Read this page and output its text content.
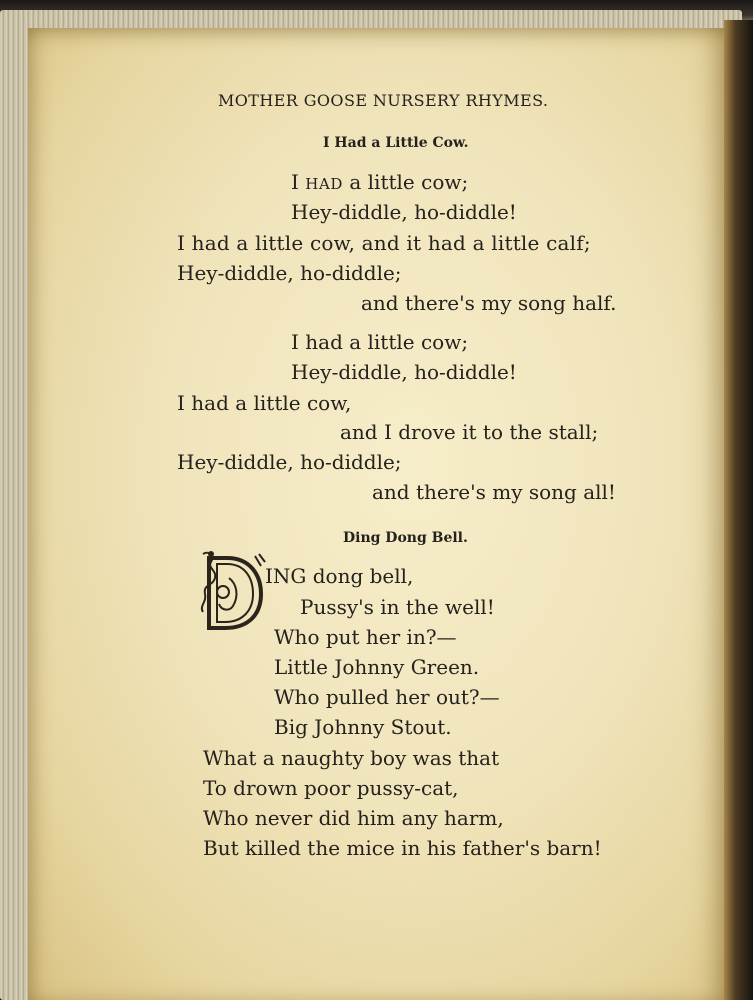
MOTHER GOOSE NURSERY RHYMES.
I Had a Little Cow.
I HAD a little cow;
Hey-diddle, ho-diddle!
I had a little cow, and it had a little calf;
Hey-diddle, ho-diddle;
and there's my song half.
I had a little cow;
Hey-diddle, ho-diddle!
I had a little cow,
and I drove it to the stall;
Hey-diddle, ho-diddle;
and there's my song all!
Ding Dong Bell.
D ING dong bell,
Pussy's in the well!
Who put her in?—
Little Johnny Green.
Who pulled her out?—
Big Johnny Stout.
What a naughty boy was that
To drown poor pussy-cat,
Who never did him any harm,
But killed the mice in his father's barn!
